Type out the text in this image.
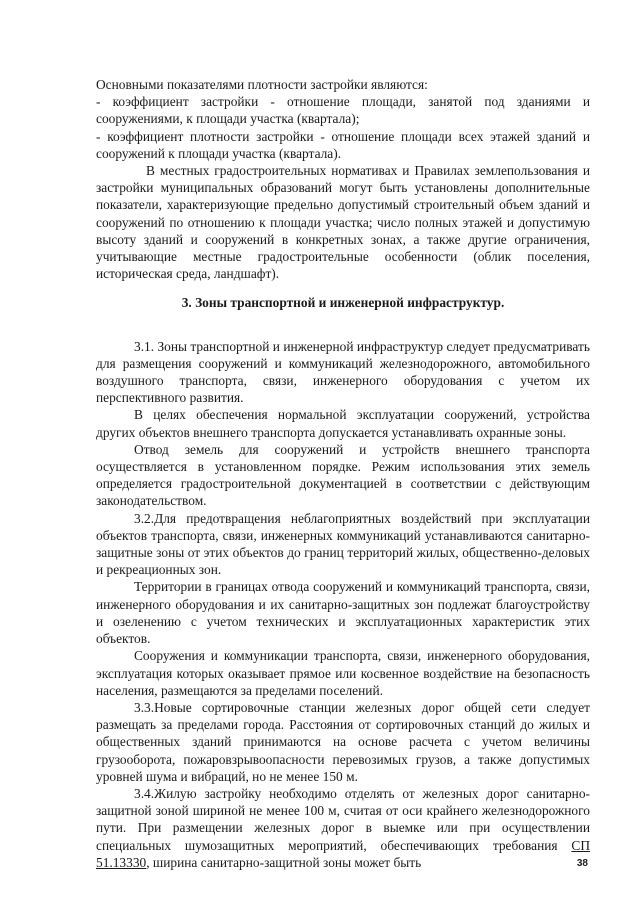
Основными показателями плотности застройки являются:

- коэффициент застройки - отношение площади, занятой под зданиями и сооружениями, к площади участка (квартала);

- коэффициент плотности застройки - отношение площади всех этажей зданий и сооружений к площади участка (квартала).

В местных градостроительных нормативах и Правилах землепользования и застройки муниципальных образований могут быть установлены дополнительные показатели, характеризующие предельно допустимый строительный объем зданий и сооружений по отношению к площади участка; число полных этажей и допустимую высоту зданий и сооружений в конкретных зонах, а также другие ограничения, учитывающие местные градостроительные особенности (облик поселения, историческая среда, ландшафт).

3. Зоны транспортной и инженерной инфраструктур.

3.1. Зоны транспортной и инженерной инфраструктур следует предусматривать для размещения сооружений и коммуникаций железнодорожного, автомобильного воздушного транспорта, связи, инженерного оборудования с учетом их перспективного развития.

В целях обеспечения нормальной эксплуатации сооружений, устройства других объектов внешнего транспорта допускается устанавливать охранные зоны.

Отвод земель для сооружений и устройств внешнего транспорта осуществляется в установленном порядке. Режим использования этих земель определяется градостроительной документацией в соответствии с действующим законодательством.

3.2.Для предотвращения неблагоприятных воздействий при эксплуатации объектов транспорта, связи, инженерных коммуникаций устанавливаются санитарно-защитные зоны от этих объектов до границ территорий жилых, общественно-деловых и рекреационных зон.

Территории в границах отвода сооружений и коммуникаций транспорта, связи, инженерного оборудования и их санитарно-защитных зон подлежат благоустройству и озеленению с учетом технических и эксплуатационных характеристик этих объектов.

Сооружения и коммуникации транспорта, связи, инженерного оборудования, эксплуатация которых оказывает прямое или косвенное воздействие на безопасность населения, размещаются за пределами поселений.

3.3.Новые сортировочные станции железных дорог общей сети следует размещать за пределами города. Расстояния от сортировочных станций до жилых и общественных зданий принимаются на основе расчета с учетом величины грузооборота, пожаровзрывоопасности перевозимых грузов, а также допустимых уровней шума и вибраций, но не менее 150 м.

3.4.Жилую застройку необходимо отделять от железных дорог санитарно-защитной зоной шириной не менее 100 м, считая от оси крайнего железнодорожного пути. При размещении железных дорог в выемке или при осуществлении специальных шумозащитных мероприятий, обеспечивающих требования СП 51.13330, ширина санитарно-защитной зоны может быть	38
